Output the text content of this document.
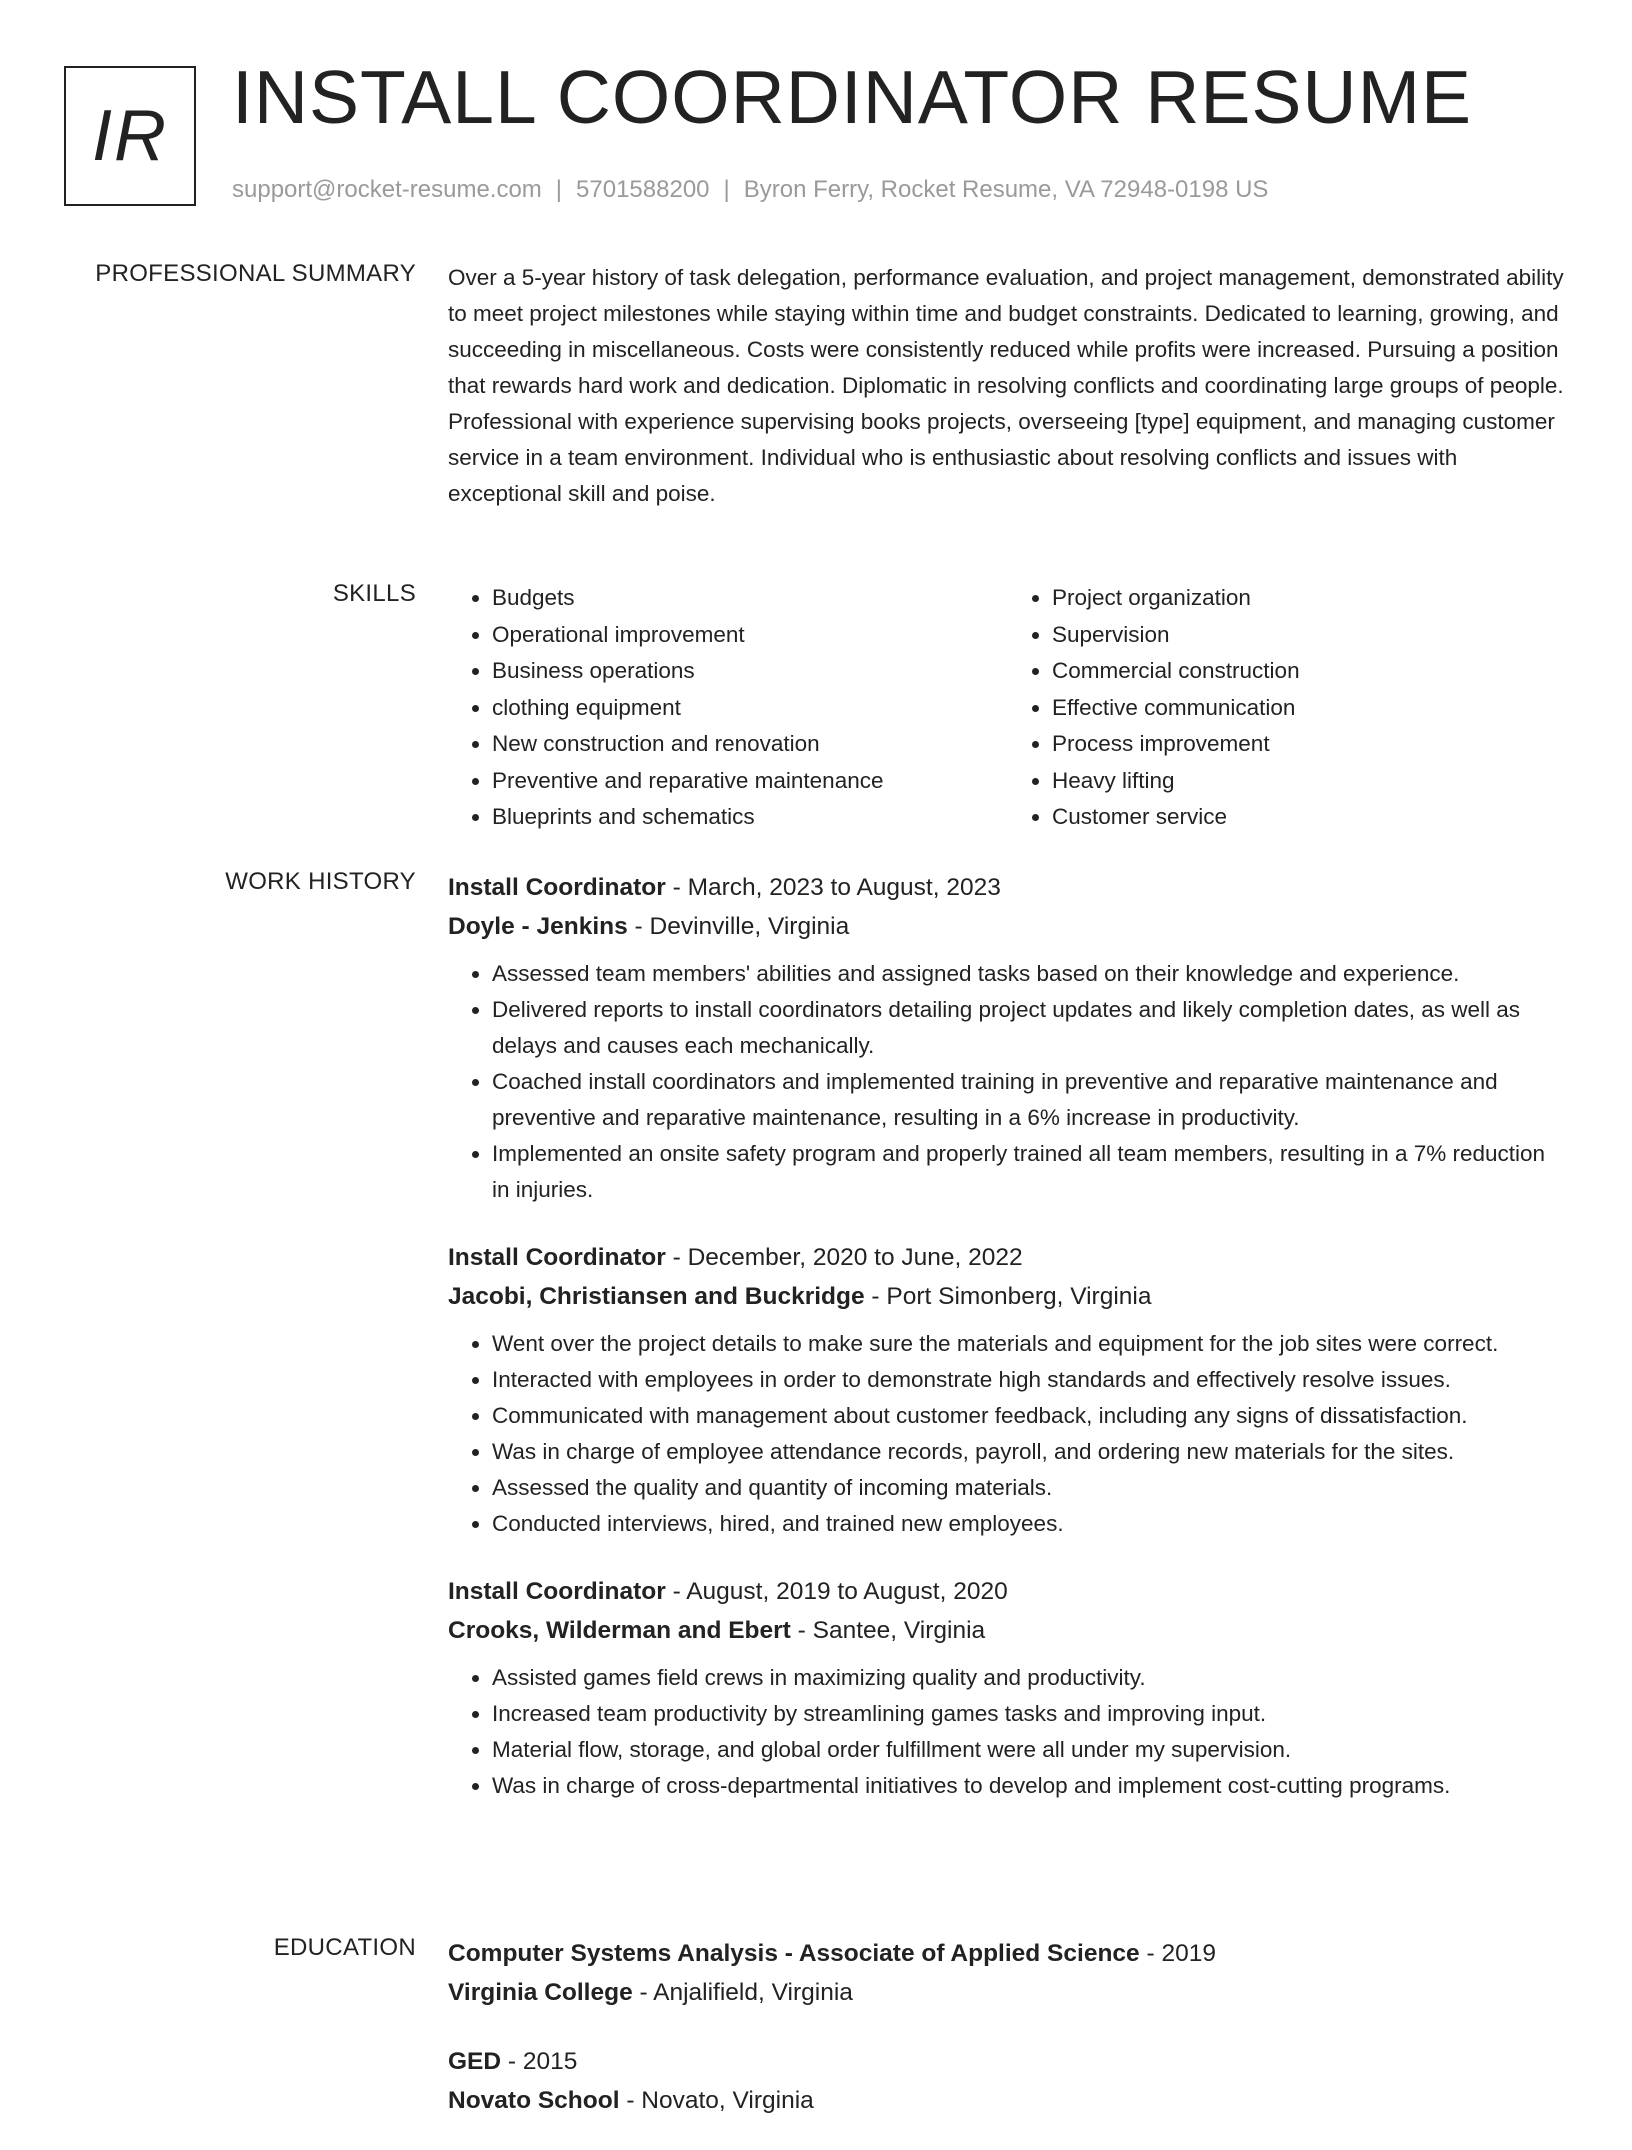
IR INSTALL COORDINATOR RESUME
support@rocket-resume.com | 5701588200 | Byron Ferry, Rocket Resume, VA 72948-0198 US
PROFESSIONAL SUMMARY Over a 5-year history of task delegation, performance evaluation, and project management, demonstrated ability to meet project milestones while staying within time and budget constraints. Dedicated to learning, growing, and succeeding in miscellaneous. Costs were consistently reduced while profits were increased. Pursuing a position that rewards hard work and dedication. Diplomatic in resolving conflicts and coordinating large groups of people. Professional with experience supervising books projects, overseeing [type] equipment, and managing customer service in a team environment. Individual who is enthusiastic about resolving conflicts and issues with exceptional skill and poise.

SKILLS
•	Budgets
• Operational improvement
• Business operations
• clothing equipment
• New construction and renovation
• Preventive and reparative maintenance
• Blueprints and schematics
• Project organization
• Supervision
• Commercial construction
• Effective communication
• Process improvement
• Heavy lifting
• Customer service
WORK HISTORY Install Coordinator - March, 2023 to August, 2023
Doyle - Jenkins - Devinville, Virginia
• Assessed team members' abilities and assigned tasks based on their knowledge and experience.
• Delivered reports to install coordinators detailing project updates and likely completion dates, as well as delays and causes each mechanically.
• Coached install coordinators and implemented training in preventive and reparative maintenance and preventive and reparative maintenance, resulting in a 6% increase in productivity.
• Implemented an onsite safety program and properly trained all team members, resulting in a 7% reduction in injuries.
Install Coordinator - December, 2020 to June, 2022
Jacobi, Christiansen and Buckridge - Port Simonberg, Virginia
• Went over the project details to make sure the materials and equipment for the job sites were correct.
• Interacted with employees in order to demonstrate high standards and effectively resolve issues.
• Communicated with management about customer feedback, including any signs of dissatisfaction.
• Was in charge of employee attendance records, payroll, and ordering new materials for the sites.
• Assessed the quality and quantity of incoming materials.
• Conducted interviews, hired, and trained new employees.
Install Coordinator - August, 2019 to August, 2020
Crooks, Wilderman and Ebert - Santee, Virginia
• Assisted games field crews in maximizing quality and productivity.
• Increased team productivity by streamlining games tasks and improving input.
• Material flow, storage, and global order fulfillment were all under my supervision.
• Was in charge of cross-departmental initiatives to develop and implement cost-cutting programs.
EDUCATION Computer Systems Analysis - Associate of Applied Science - 2019
Virginia College - Anjalifield, Virginia
GED - 2015
Novato School - Novato, Virginia
